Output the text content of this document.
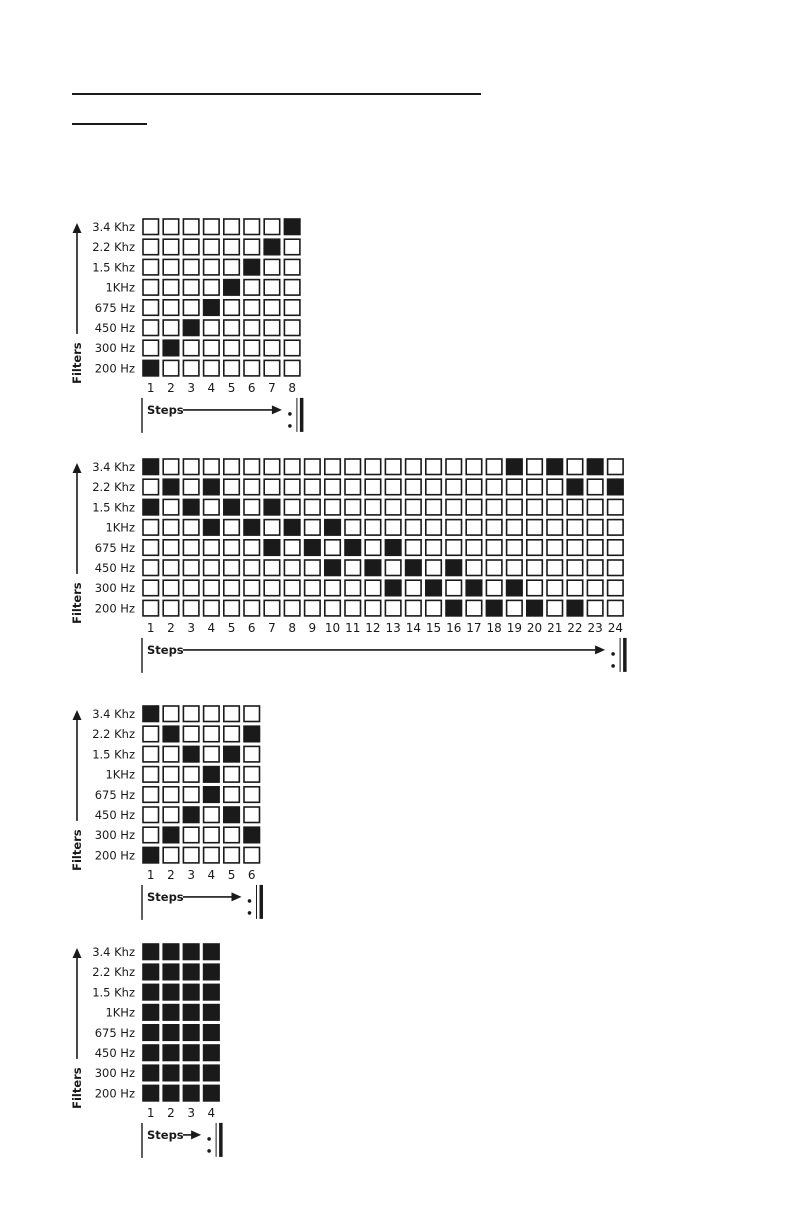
3.4 Khz
2.2 Khz
1.5 Khz
1KHz
675 Hz
450 Hz
300 Hz
200 Hz
1 2 3 4 5 6 7 8
Filters
Steps
3.4 Khz
2.2 Khz
1.5 Khz
1KHz
675 Hz
450 Hz
300 Hz
200 Hz
1 2 3 4 5 6 7 8 9 10 11 12 13 14 15 16 17 18 19 20 21 22 23 24
Filters
Steps
3.4 Khz
2.2 Khz
1.5 Khz
1KHz
675 Hz
450 Hz
300 Hz
200 Hz
1 2 3 4 5 6
Filters
Steps
3.4 Khz
2.2 Khz
1.5 Khz
1KHz
675 Hz
450 Hz
300 Hz
200 Hz
1 2 3 4
Filters
Steps
